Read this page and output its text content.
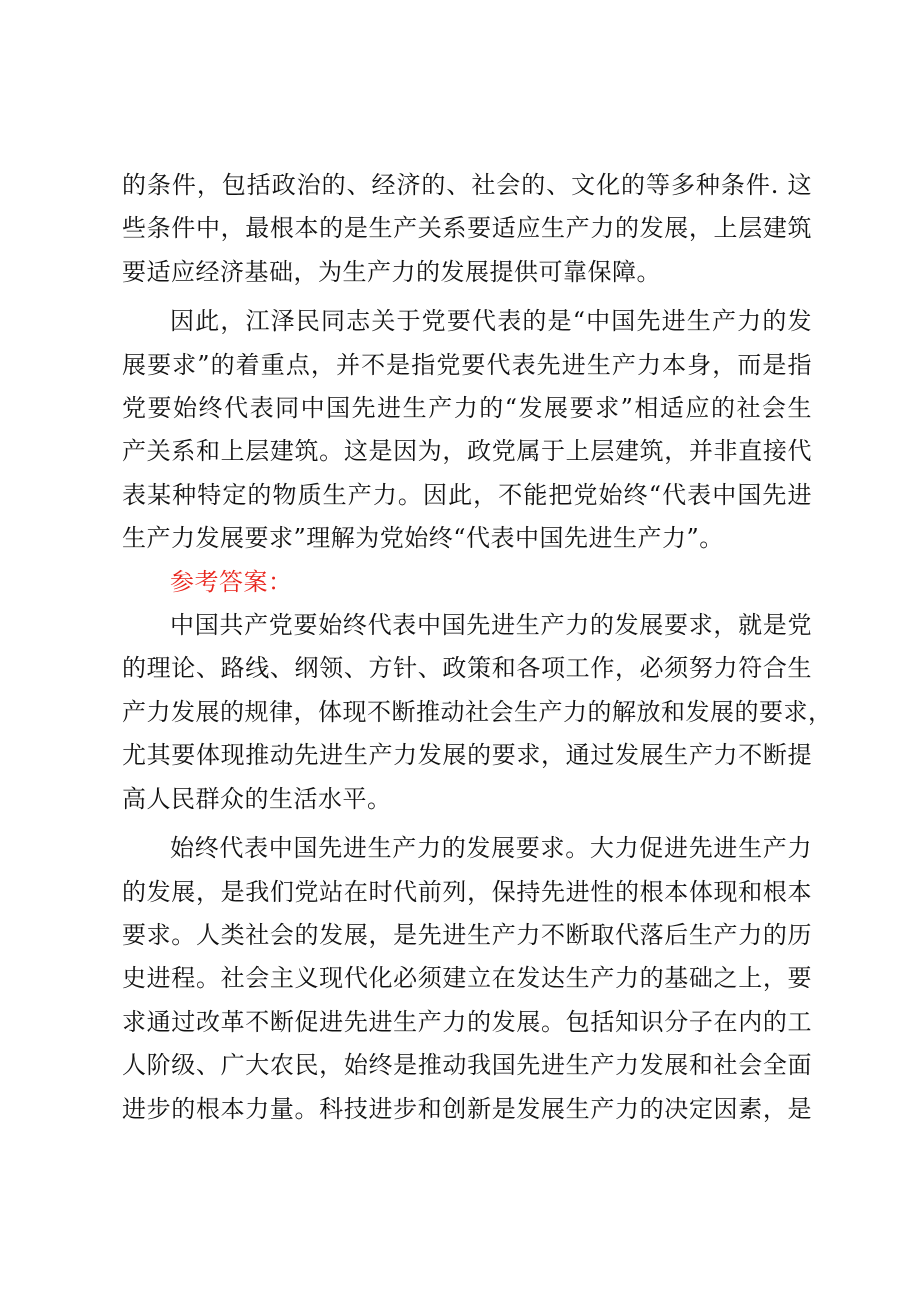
的条件，包括政治的、经济的、社会的、文化的等多种条件. 这
些条件中，最根本的是生产关系要适应生产力的发展，上层建筑
要适应经济基础，为生产力的发展提供可靠保障。

因此，江泽民同志关于党要代表的是“中国先进生产力的发
展要求”的着重点，并不是指党要代表先进生产力本身，而是指
党要始终代表同中国先进生产力的“发展要求”相适应的社会生
产关系和上层建筑。这是因为，政党属于上层建筑，并非直接代
表某种特定的物质生产力。因此，不能把党始终“代表中国先进
生产力发展要求”理解为党始终“代表中国先进生产力”。

参考答案：

中国共产党要始终代表中国先进生产力的发展要求，就是党
的理论、路线、纲领、方针、政策和各项工作，必须努力符合生
产力发展的规律，体现不断推动社会生产力的解放和发展的要求，
尤其要体现推动先进生产力发展的要求，通过发展生产力不断提
高人民群众的生活水平。

始终代表中国先进生产力的发展要求。大力促进先进生产力
的发展，是我们党站在时代前列，保持先进性的根本体现和根本
要求。人类社会的发展，是先进生产力不断取代落后生产力的历
史进程。社会主义现代化必须建立在发达生产力的基础之上，要
求通过改革不断促进先进生产力的发展。包括知识分子在内的工
人阶级、广大农民，始终是推动我国先进生产力发展和社会全面
进步的根本力量。科技进步和创新是发展生产力的决定因素，是
